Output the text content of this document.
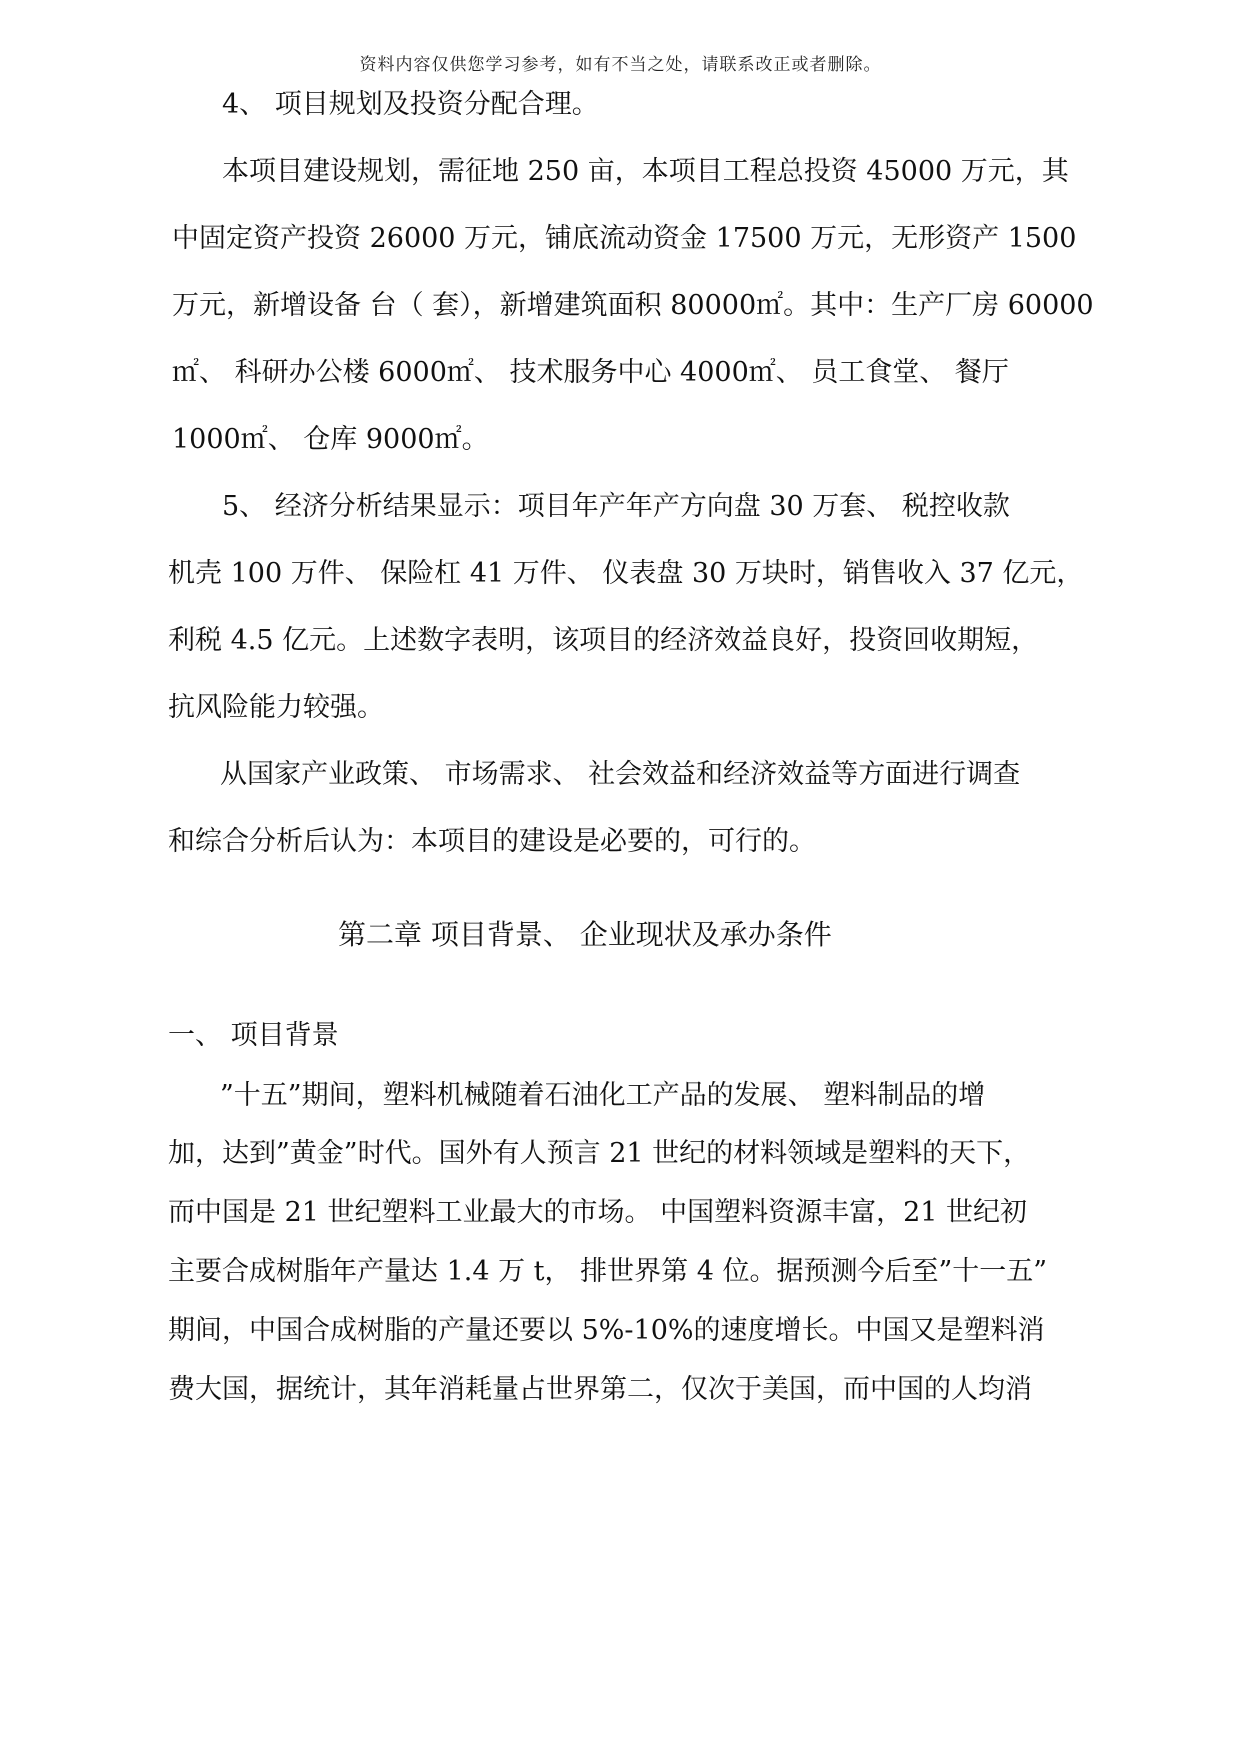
资料内容仅供您学习参考，如有不当之处，请联系改正或者删除。
4、 项目规划及投资分配合理。
本项目建设规划，需征地 250 亩，本项目工程总投资 45000 万元，其
中固定资产投资 26000 万元，铺底流动资金 17500 万元，无形资产 1500
万元，新增设备 台（ 套），新增建筑面积 80000㎡。其中：生产厂房 60000
㎡、 科研办公楼 6000㎡、 技术服务中心 4000㎡、 员工食堂、 餐厅
1000㎡、 仓库 9000㎡。
5、 经济分析结果显示：项目年产年产方向盘 30 万套、 税控收款
机壳 100 万件、 保险杠 41 万件、 仪表盘 30 万块时，销售收入 37 亿元，
利税 4.5 亿元。上述数字表明，该项目的经济效益良好，投资回收期短，
抗风险能力较强。
从国家产业政策、 市场需求、 社会效益和经济效益等方面进行调查
和综合分析后认为：本项目的建设是必要的，可行的。
第二章 项目背景、 企业现状及承办条件
一、 项目背景
”十五”期间，塑料机械随着石油化工产品的发展、 塑料制品的增
加，达到”黄金”时代。国外有人预言 21 世纪的材料领域是塑料的天下，
而中国是 21 世纪塑料工业最大的市场。 中国塑料资源丰富，21 世纪初
主要合成树脂年产量达 1.4 万 t， 排世界第 4 位。据预测今后至”十一五”
期间，中国合成树脂的产量还要以 5%-10%的速度增长。中国又是塑料消
费大国，据统计，其年消耗量占世界第二，仅次于美国，而中国的人均消
